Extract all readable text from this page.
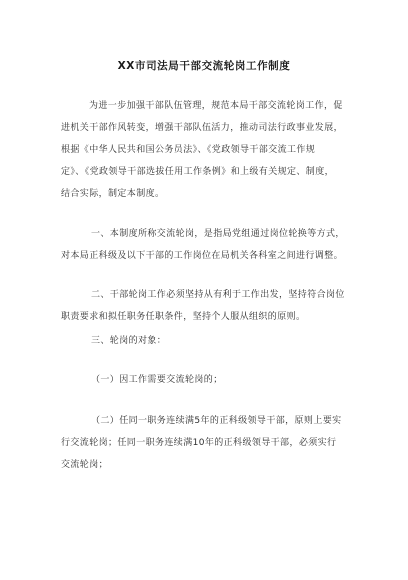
XX市司法局干部交流轮岗工作制度
为进一步加强干部队伍管理，规范本局干部交流轮岗工作，促
进机关干部作风转变，增强干部队伍活力，推动司法行政事业发展，
根据《中华人民共和国公务员法》、《党政领导干部交流工作规
定》、《党政领导干部选拔任用工作条例》和上级有关规定、制度，
结合实际，制定本制度。
一、本制度所称交流轮岗，是指局党组通过岗位轮换等方式，
对本局正科级及以下干部的工作岗位在局机关各科室之间进行调整。
二、干部轮岗工作必须坚持从有利于工作出发，坚持符合岗位
职责要求和拟任职务任职条件，坚持个人服从组织的原则。
三、轮岗的对象：
（一）因工作需要交流轮岗的；
（二）任同一职务连续满5年的正科级领导干部，原则上要实
行交流轮岗；任同一职务连续满10年的正科级领导干部，必须实行
交流轮岗；
